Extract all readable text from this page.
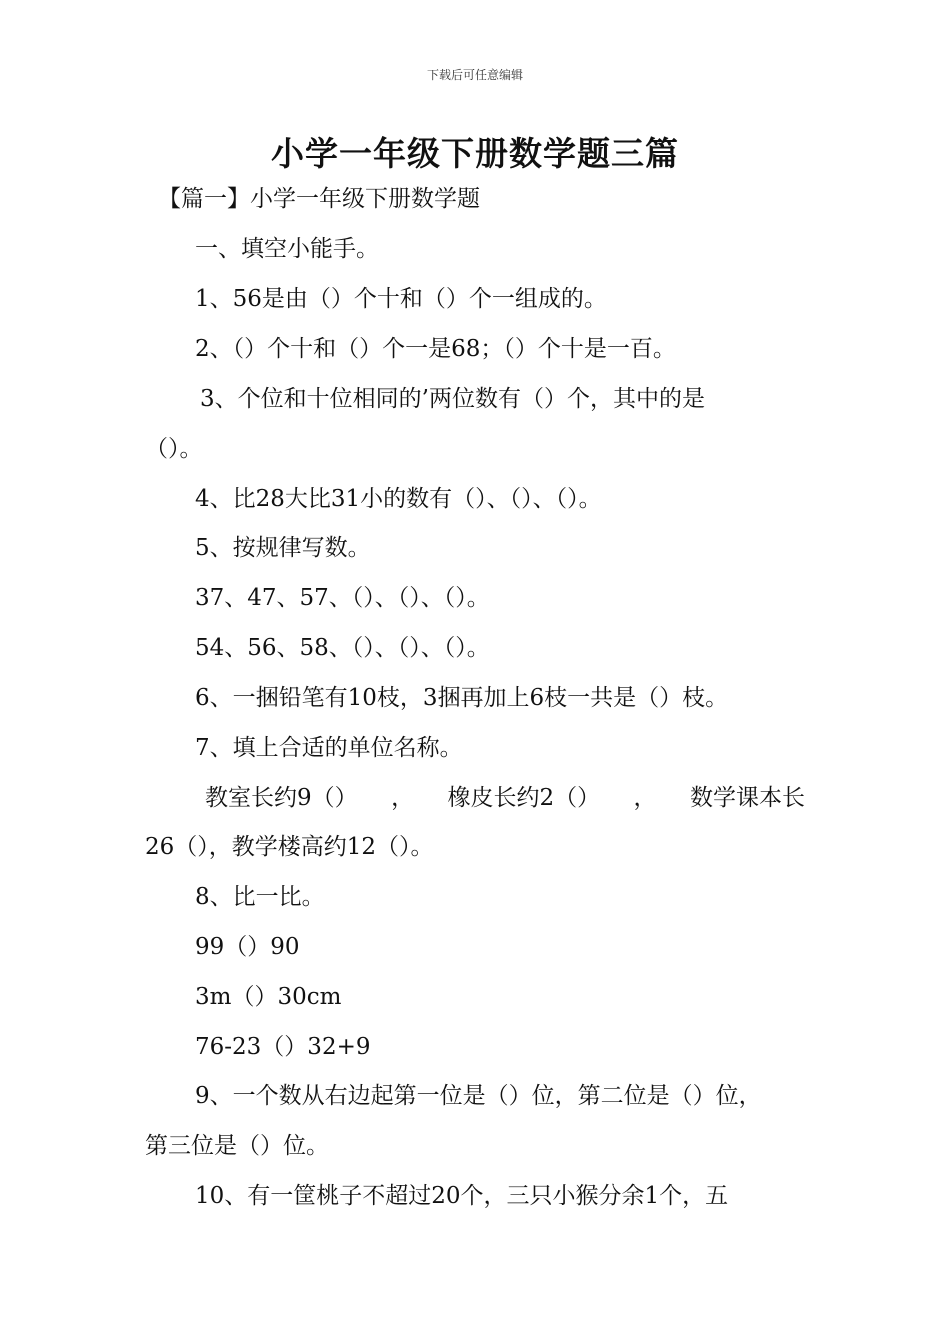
下载后可任意编辑
小学一年级下册数学题三篇
【篇一】小学一年级下册数学题
一、填空小能手。
1、56是由（）个十和（）个一组成的。
2、（）个十和（）个一是68；（）个十是一百。
3、个位和十位相同的’两位数有（）个，其中的是
（）。
4、比28大比31小的数有（）、（）、（）。
5、按规律写数。
37、47、57、（）、（）、（）。
54、56、58、（）、（）、（）。
6、一捆铅笔有10枝，3捆再加上6枝一共是（）枝。
7、填上合适的单位名称。
教室长约9（） ， 橡皮长约2（） ， 数学课本长
26（），教学楼高约12（）。
8、比一比。
99（）90
3m（）30cm
76-23（）32+9
9、一个数从右边起第一位是（）位，第二位是（）位，
第三位是（）位。
10、有一筐桃子不超过20个，三只小猴分余1个，五
